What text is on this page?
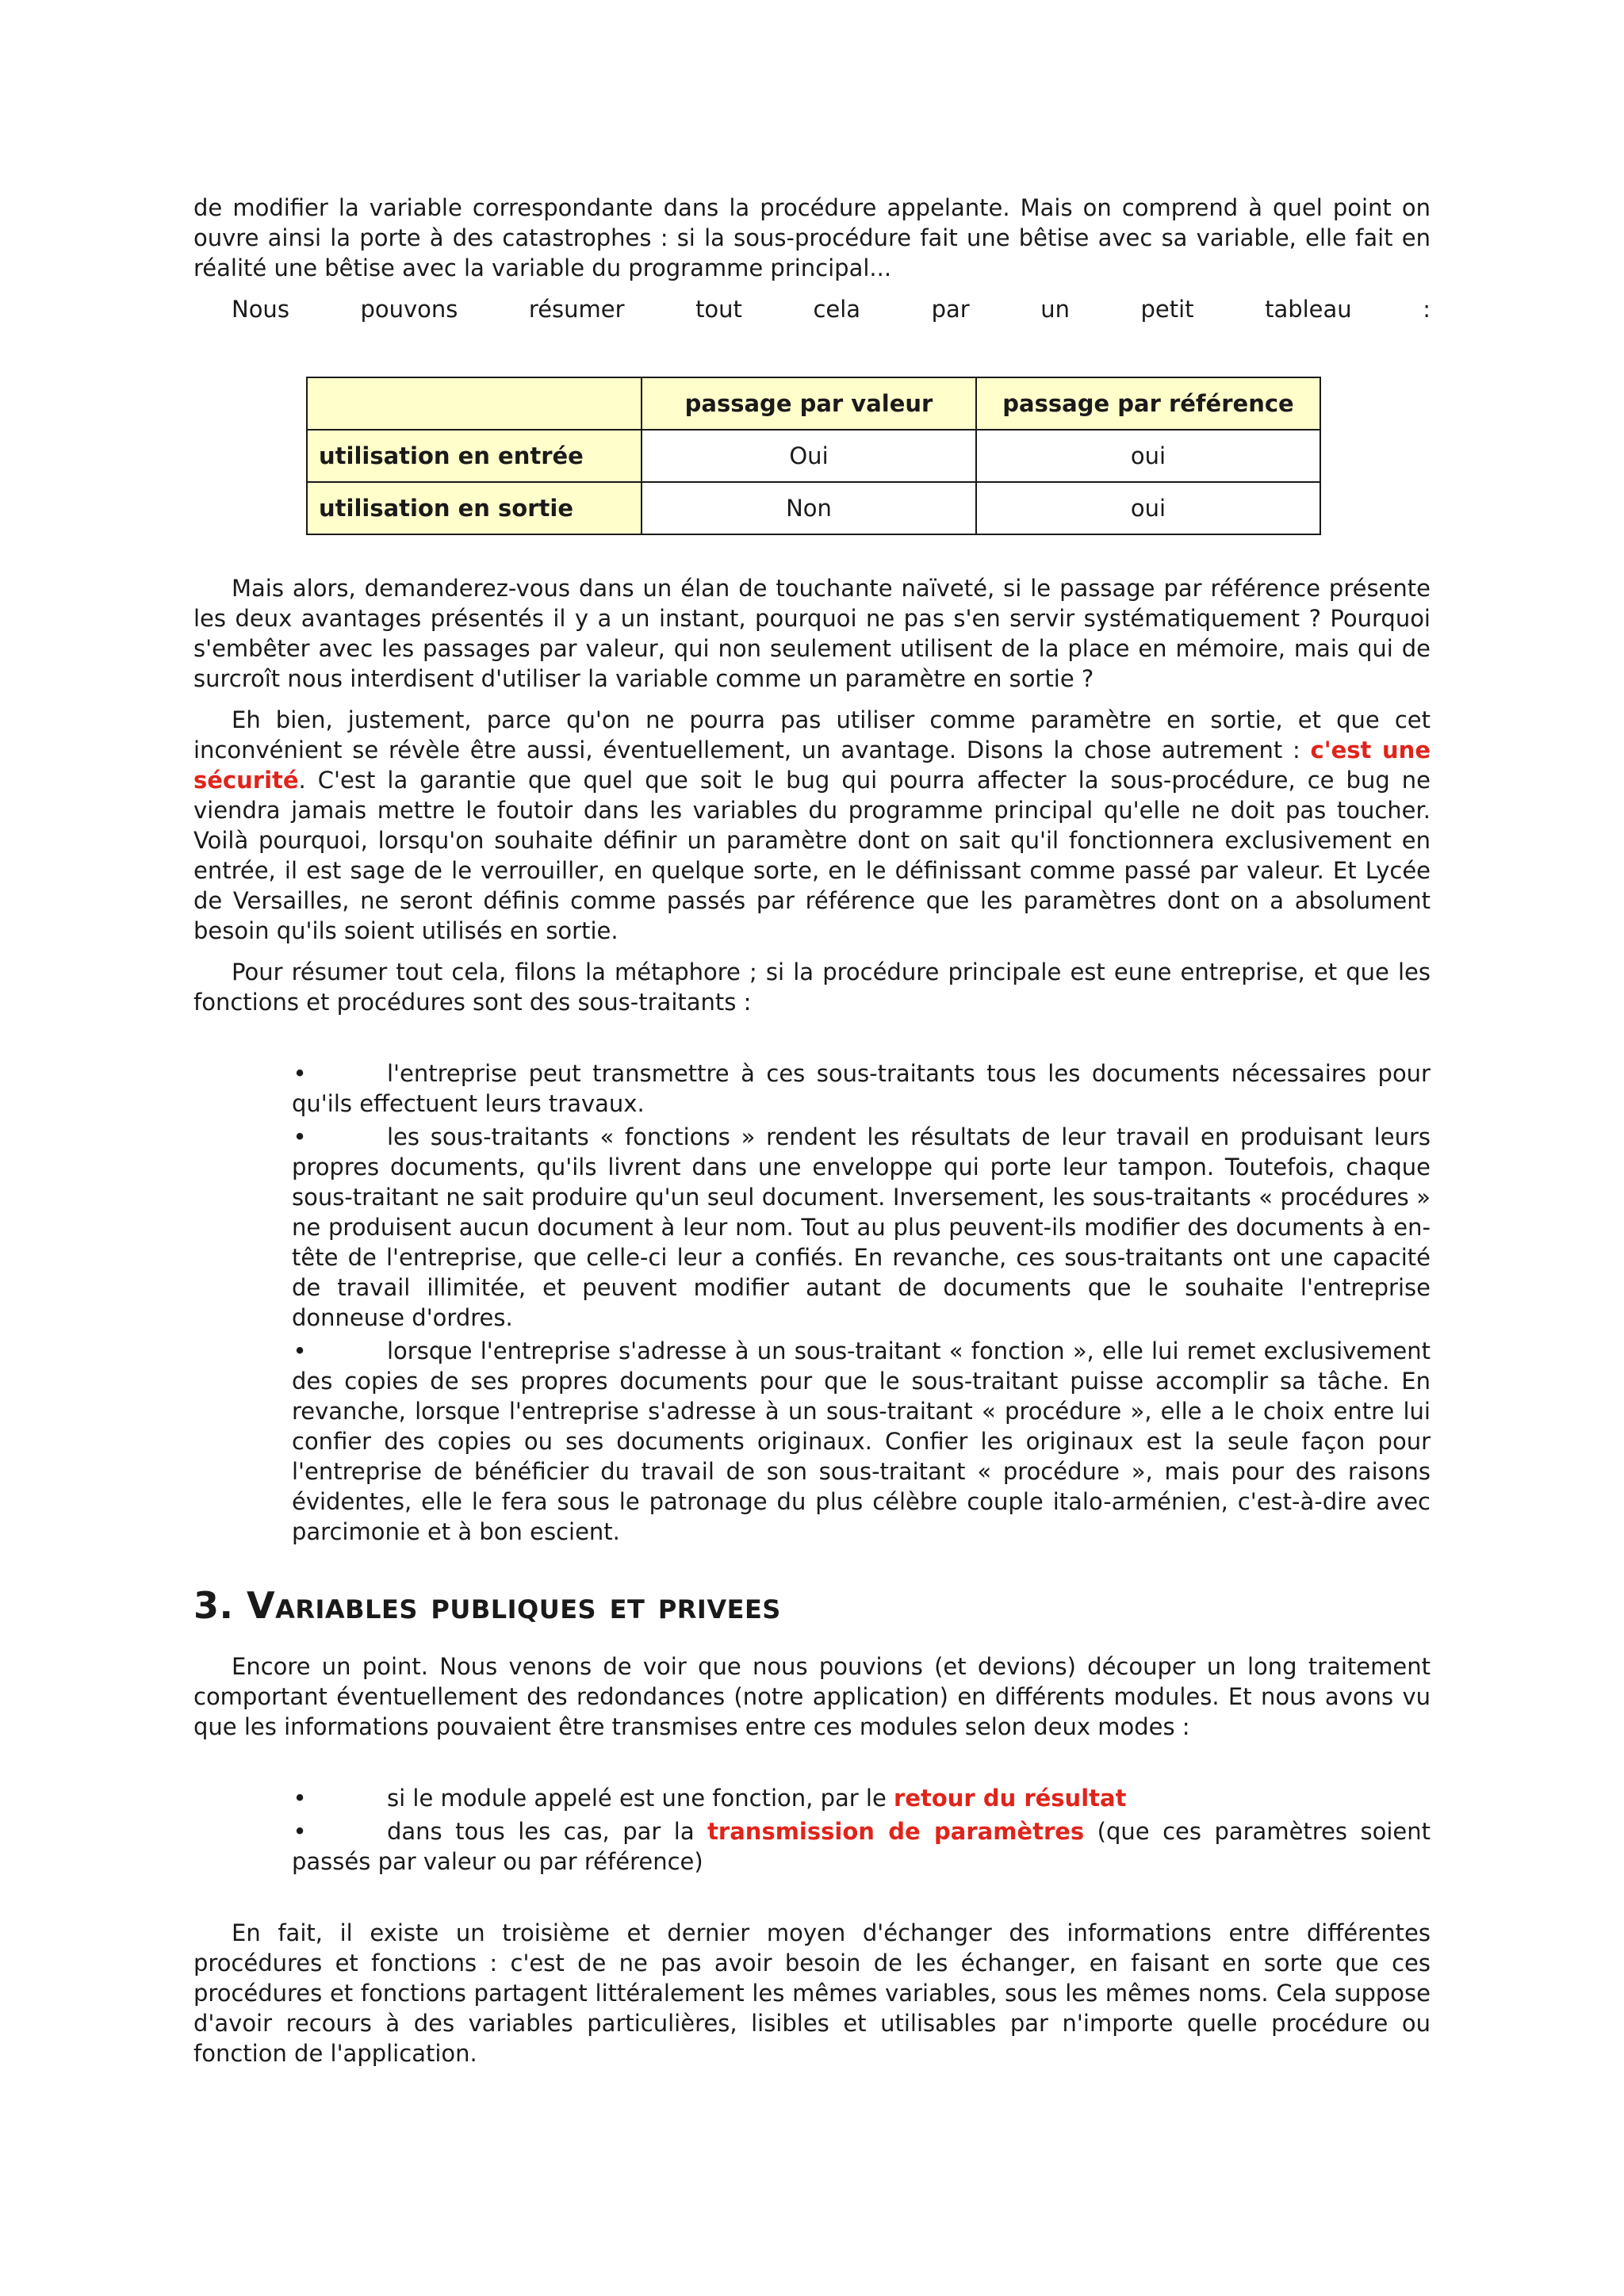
de modifier la variable correspondante dans la procédure appelante. Mais on comprend à quel point on ouvre ainsi la porte à des catastrophes : si la sous-procédure fait une bêtise avec sa variable, elle fait en réalité une bêtise avec la variable du programme principal...

Nous	pouvons	résumer	tout	cela	par	un	petit	tableau	:
	passage par valeur	passage par référence
utilisation en entrée	Oui	oui
utilisation en sortie	Non	oui

Mais alors, demanderez-vous dans un élan de touchante naïveté, si le passage par référence présente les deux avantages présentés il y a un instant, pourquoi ne pas s'en servir systématiquement ? Pourquoi s'embêter avec les passages par valeur, qui non seulement utilisent de la place en mémoire, mais qui de surcroît nous interdisent d'utiliser la variable comme un paramètre en sortie ?

Eh bien, justement, parce qu'on ne pourra pas utiliser comme paramètre en sortie, et que cet inconvénient se révèle être aussi, éventuellement, un avantage. Disons la chose autrement : c'est une sécurité. C'est la garantie que quel que soit le bug qui pourra affecter la sous-procédure, ce bug ne viendra jamais mettre le foutoir dans les variables du programme principal qu'elle ne doit pas toucher. Voilà pourquoi, lorsqu'on souhaite définir un paramètre dont on sait qu'il fonctionnera exclusivement en entrée, il est sage de le verrouiller, en quelque sorte, en le définissant comme passé par valeur. Et Lycée de Versailles, ne seront définis comme passés par référence que les paramètres dont on a absolument besoin qu'ils soient utilisés en sortie.

Pour résumer tout cela, filons la métaphore ; si la procédure principale est eune entreprise, et que les fonctions et procédures sont des sous-traitants :

•	l'entreprise peut transmettre à ces sous-traitants tous les documents nécessaires pour qu'ils effectuent leurs travaux.
•	les sous-traitants « fonctions » rendent les résultats de leur travail en produisant leurs propres documents, qu'ils livrent dans une enveloppe qui porte leur tampon. Toutefois, chaque sous-traitant ne sait produire qu'un seul document. Inversement, les sous-traitants « procédures » ne produisent aucun document à leur nom. Tout au plus peuvent-ils modifier des documents à en-tête de l'entreprise, que celle-ci leur a confiés. En revanche, ces sous-traitants ont une capacité de travail illimitée, et peuvent modifier autant de documents que le souhaite l'entreprise donneuse d'ordres.
•	lorsque l'entreprise s'adresse à un sous-traitant « fonction », elle lui remet exclusivement des copies de ses propres documents pour que le sous-traitant puisse accomplir sa tâche. En revanche, lorsque l'entreprise s'adresse à un sous-traitant « procédure », elle a le choix entre lui confier des copies ou ses documents originaux. Confier les originaux est la seule façon pour l'entreprise de bénéficier du travail de son sous-traitant « procédure », mais pour des raisons évidentes, elle le fera sous le patronage du plus célèbre couple italo-arménien, c'est-à-dire avec parcimonie et à bon escient.
3. Variables publiques et privees

Encore un point. Nous venons de voir que nous pouvions (et devions) découper un long traitement comportant éventuellement des redondances (notre application) en différents modules. Et nous avons vu que les informations pouvaient être transmises entre ces modules selon deux modes :

•	si le module appelé est une fonction, par le retour du résultat
•	dans tous les cas, par la transmission de paramètres (que ces paramètres soient passés par valeur ou par référence)

En fait, il existe un troisième et dernier moyen d'échanger des informations entre différentes procédures et fonctions : c'est de ne pas avoir besoin de les échanger, en faisant en sorte que ces procédures et fonctions partagent littéralement les mêmes variables, sous les mêmes noms. Cela suppose d'avoir recours à des variables particulières, lisibles et utilisables par n'importe quelle procédure ou fonction de l'application.
